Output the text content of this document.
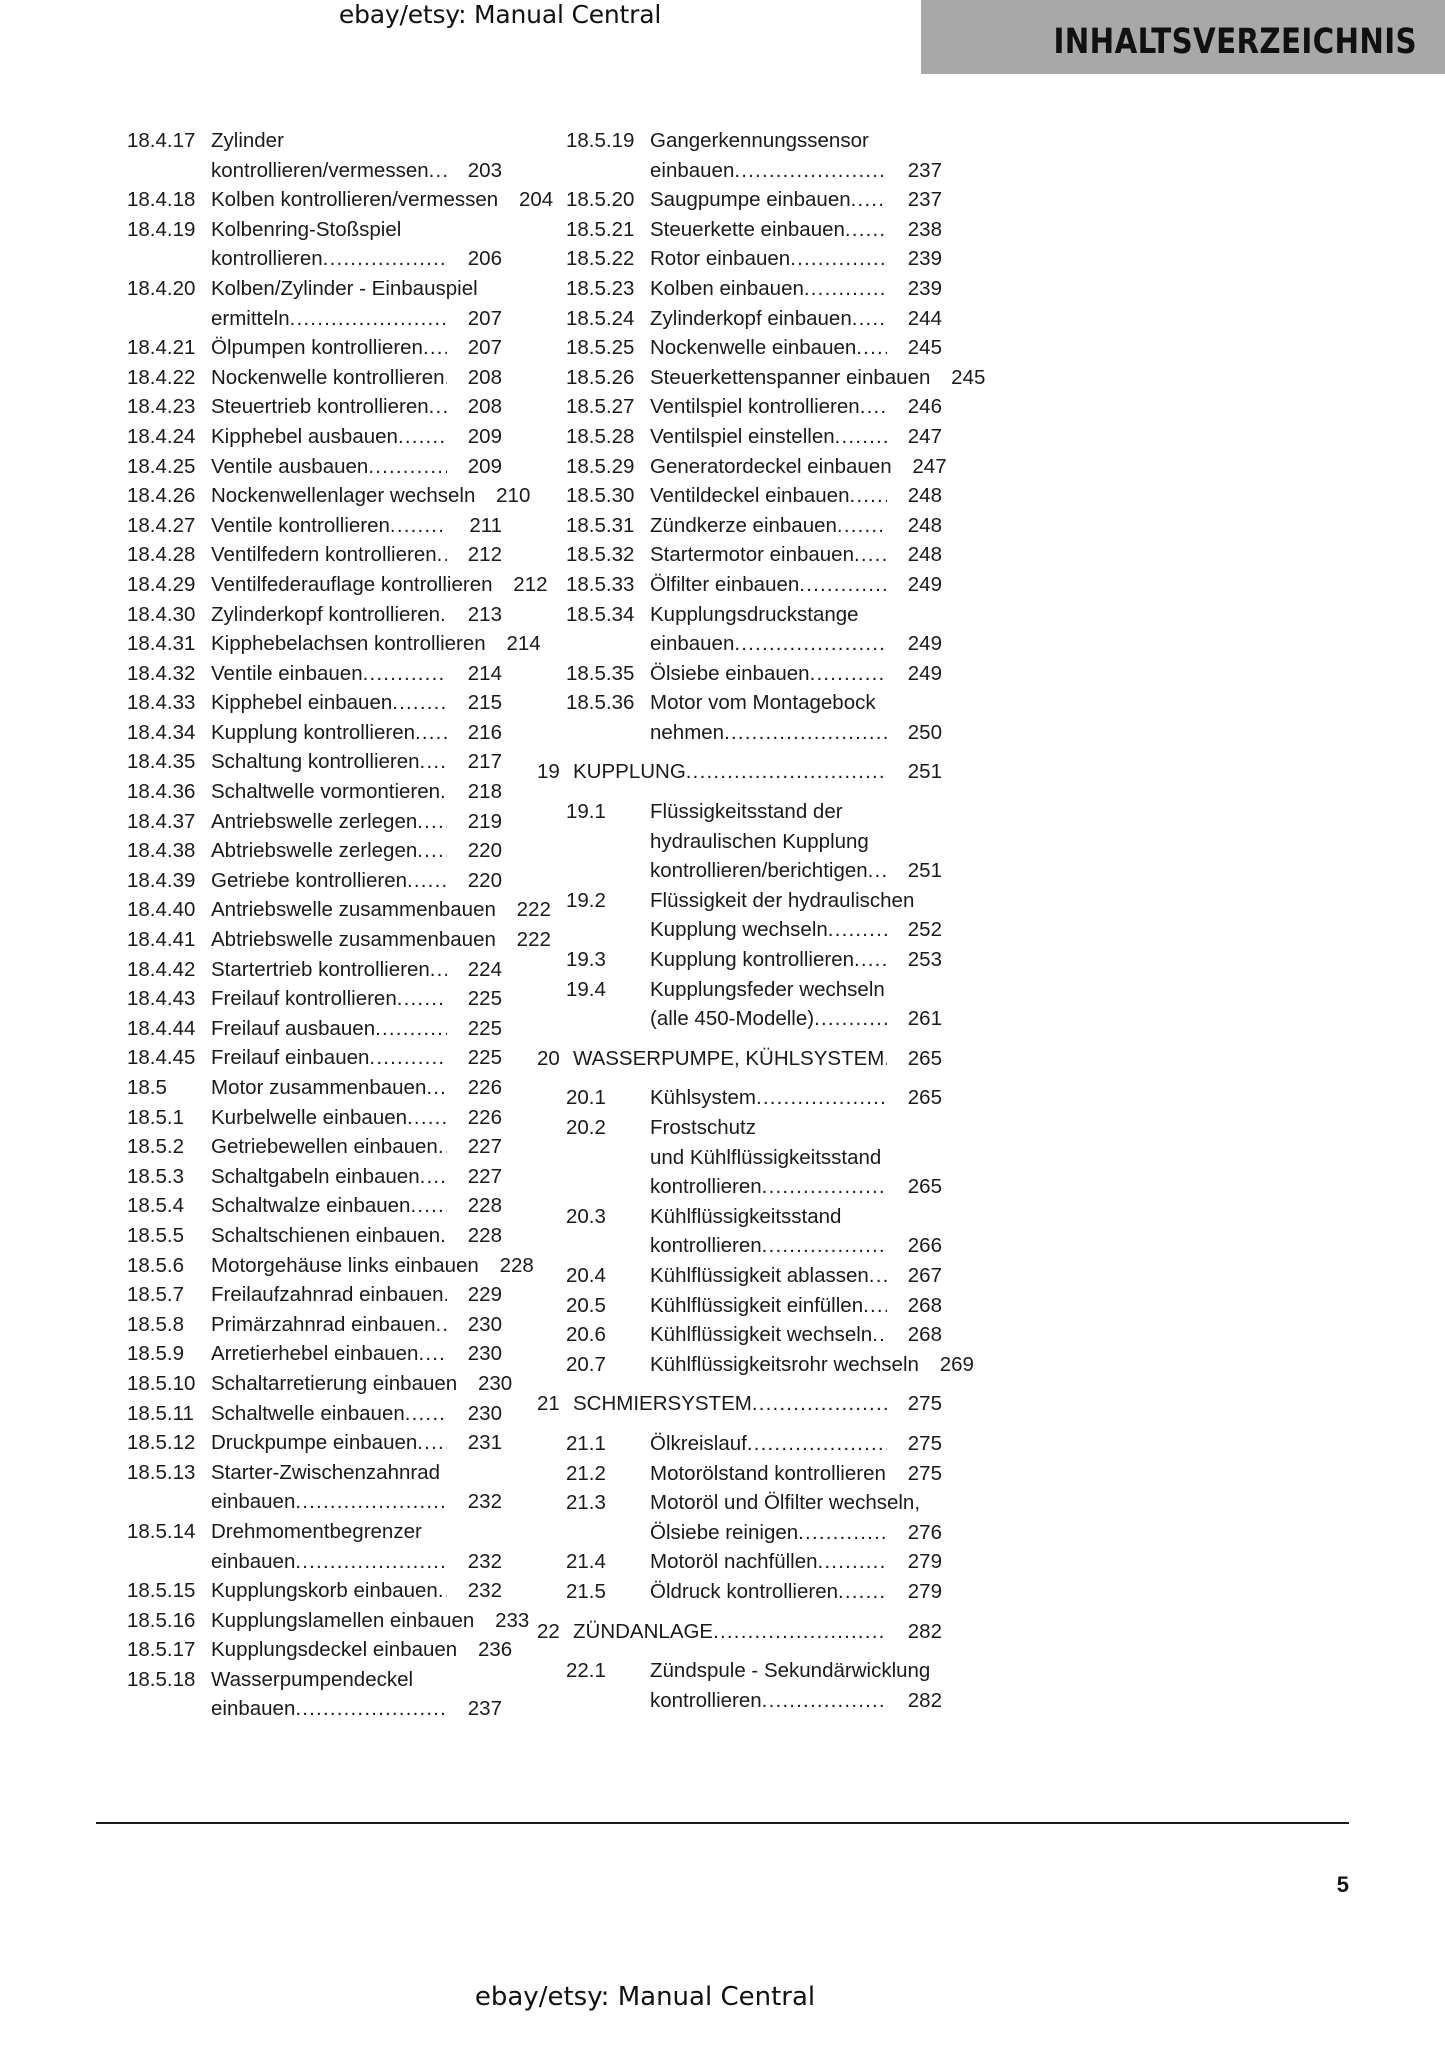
ebay/etsy: Manual Central
INHALTSVERZEICHNIS
18.4.17 Zylinder
kontrollieren/vermessen .....	203
18.4.18 Kolben kontrollieren/vermessen	204
18.4.19 Kolbenring-Stoßspiel
kontrollieren .....	206
18.4.20 Kolben/Zylinder - Einbauspiel
ermitteln .....	207
18.4.21 Ölpumpen kontrollieren .....	207
18.4.22 Nockenwelle kontrollieren .....	208
18.4.23 Steuertrieb kontrollieren .....	208
18.4.24 Kipphebel ausbauen .....	209
18.4.25 Ventile ausbauen .....	209
18.4.26 Nockenwellenlager wechseln	210
18.4.27 Ventile kontrollieren .....	211
18.4.28 Ventilfedern kontrollieren .....	212
18.4.29 Ventilfederauflage kontrollieren	212
18.4.30 Zylinderkopf kontrollieren .....	213
18.4.31 Kipphebelachsen kontrollieren	214
18.4.32 Ventile einbauen .....	214
18.4.33 Kipphebel einbauen .....	215
18.4.34 Kupplung kontrollieren .....	216
18.4.35 Schaltung kontrollieren .....	217
18.4.36 Schaltwelle vormontieren .....	218
18.4.37 Antriebswelle zerlegen .....	219
18.4.38 Abtriebswelle zerlegen .....	220
18.4.39 Getriebe kontrollieren .....	220
18.4.40 Antriebswelle zusammenbauen	222
18.4.41 Abtriebswelle zusammenbauen	222
18.4.42 Startertrieb kontrollieren .....	224
18.4.43 Freilauf kontrollieren .....	225
18.4.44 Freilauf ausbauen .....	225
18.4.45 Freilauf einbauen .....	225
18.5	Motor zusammenbauen .....	226
18.5.1	Kurbelwelle einbauen .....	226
18.5.2	Getriebewellen einbauen .....	227
18.5.3	Schaltgabeln einbauen .....	227
18.5.4	Schaltwalze einbauen .....	228
18.5.5	Schaltschienen einbauen .....	228
18.5.6	Motorgehäuse links einbauen	228
18.5.7	Freilaufzahnrad einbauen .....	229
18.5.8	Primärzahnrad einbauen .....	230
18.5.9	Arretierhebel einbauen .....	230
18.5.10 Schaltarretierung einbauen	230
18.5.11 Schaltwelle einbauen .....	230
18.5.12 Druckpumpe einbauen .....	231
18.5.13 Starter-Zwischenzahnrad
einbauen .....	232
18.5.14 Drehmomentbegrenzer
einbauen .....	232
18.5.15 Kupplungskorb einbauen .....	232
18.5.16 Kupplungslamellen einbauen	233
18.5.17 Kupplungsdeckel einbauen	236
18.5.18 Wasserpumpendeckel
einbauen .....	237
18.5.19 Gangerkennungssensor
einbauen .....	237
18.5.20 Saugpumpe einbauen .....	237
18.5.21 Steuerkette einbauen .....	238
18.5.22 Rotor einbauen .....	239
18.5.23 Kolben einbauen .....	239
18.5.24 Zylinderkopf einbauen .....	244
18.5.25 Nockenwelle einbauen .....	245
18.5.26 Steuerkettenspanner einbauen	245
18.5.27 Ventilspiel kontrollieren .....	246
18.5.28 Ventilspiel einstellen .....	247
18.5.29 Generatordeckel einbauen	247
18.5.30 Ventildeckel einbauen .....	248
18.5.31 Zündkerze einbauen .....	248
18.5.32 Startermotor einbauen .....	248
18.5.33 Ölfilter einbauen .....	249
18.5.34 Kupplungsdruckstange
einbauen .....	249
18.5.35 Ölsiebe einbauen .....	249
18.5.36 Motor vom Montagebock
nehmen .....	250
19 KUPPLUNG .....	251
19.1	Flüssigkeitsstand der
hydraulischen Kupplung
kontrollieren/berichtigen .....	251
19.2	Flüssigkeit der hydraulischen
Kupplung wechseln .....	252
19.3	Kupplung kontrollieren .....	253
19.4	Kupplungsfeder wechseln
(alle 450-Modelle) .....	261
20 WASSERPUMPE, KÜHLSYSTEM .....	265
20.1	Kühlsystem .....	265
20.2	Frostschutz
und Kühlflüssigkeitsstand
kontrollieren .....	265
20.3	Kühlflüssigkeitsstand
kontrollieren .....	266
20.4	Kühlflüssigkeit ablassen .....	267
20.5	Kühlflüssigkeit einfüllen .....	268
20.6	Kühlflüssigkeit wechseln .....	268
20.7	Kühlflüssigkeitsrohr wechseln	269
21 SCHMIERSYSTEM .....	275
21.1	Ölkreislauf .....	275
21.2	Motorölstand kontrollieren .....	275
21.3	Motoröl und Ölfilter wechseln,
Ölsiebe reinigen .....	276
21.4	Motoröl nachfüllen .....	279
21.5	Öldruck kontrollieren .....	279
22 ZÜNDANLAGE .....	282
22.1	Zündspule - Sekundärwicklung
kontrollieren .....	282
5
ebay/etsy: Manual Central
